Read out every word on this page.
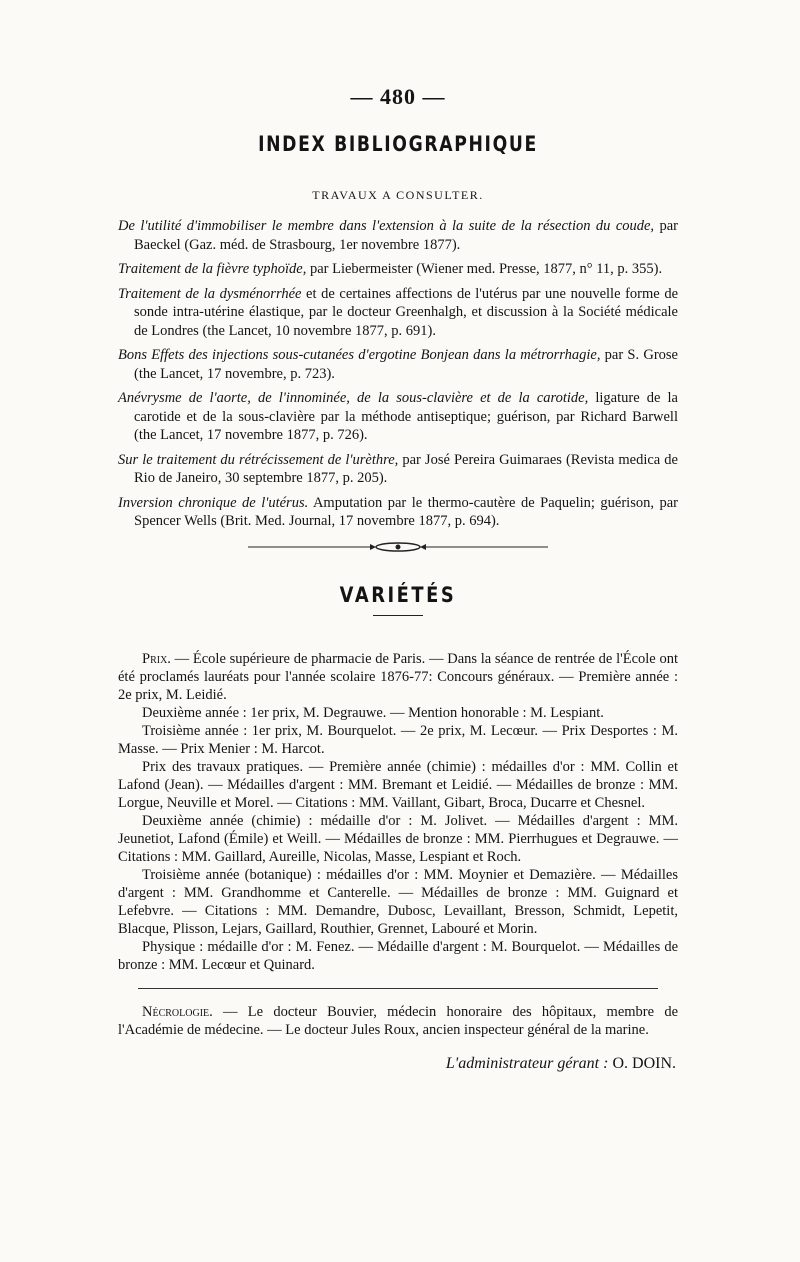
— 480 —
INDEX BIBLIOGRAPHIQUE
TRAVAUX A CONSULTER.

De l'utilité d'immobiliser le membre dans l'extension à la suite de la résection du coude, par Baeckel (Gaz. méd. de Strasbourg, 1er novembre 1877).

Traitement de la fièvre typhoïde, par Liebermeister (Wiener med. Presse, 1877, n° 11, p. 355).

Traitement de la dysménorrhée et de certaines affections de l'utérus par une nouvelle forme de sonde intra-utérine élastique, par le docteur Greenhalgh, et discussion à la Société médicale de Londres (the Lancet, 10 novembre 1877, p. 691).

Bons Effets des injections sous-cutanées d'ergotine Bonjean dans la métrorrhagie, par S. Grose (the Lancet, 17 novembre, p. 723).

Anévrysme de l'aorte, de l'innominée, de la sous-clavière et de la carotide, ligature de la carotide et de la sous-clavière par la méthode antiseptique; guérison, par Richard Barwell (the Lancet, 17 novembre 1877, p. 726).

Sur le traitement du rétrécissement de l'urèthre, par José Pereira Guimaraes (Revista medica de Rio de Janeiro, 30 septembre 1877, p. 205).

Inversion chronique de l'utérus. Amputation par le thermo-cautère de Paquelin; guérison, par Spencer Wells (Brit. Med. Journal, 17 novembre 1877, p. 694).

VARIÉTÉS

Prix. — École supérieure de pharmacie de Paris. — Dans la séance de rentrée de l'École ont été proclamés lauréats pour l'année scolaire 1876-77: Concours généraux. — Première année : 2e prix, M. Leidié.

Deuxième année : 1er prix, M. Degrauwe. — Mention honorable : M. Lespiant.

Troisième année : 1er prix, M. Bourquelot. — 2e prix, M. Lecœur. — Prix Desportes : M. Masse. — Prix Menier : M. Harcot.

Prix des travaux pratiques. — Première année (chimie) : médailles d'or : MM. Collin et Lafond (Jean). — Médailles d'argent : MM. Bremant et Leidié. — Médailles de bronze : MM. Lorgue, Neuville et Morel. — Citations : MM. Vaillant, Gibart, Broca, Ducarre et Chesnel.

Deuxième année (chimie) : médaille d'or : M. Jolivet. — Médailles d'argent : MM. Jeunetiot, Lafond (Émile) et Weill. — Médailles de bronze : MM. Pierrhugues et Degrauwe. — Citations : MM. Gaillard, Aureille, Nicolas, Masse, Lespiant et Roch.

Troisième année (botanique) : médailles d'or : MM. Moynier et Demazière. — Médailles d'argent : MM. Grandhomme et Canterelle. — Médailles de bronze : MM. Guignard et Lefebvre. — Citations : MM. Demandre, Dubosc, Levaillant, Bresson, Schmidt, Lepetit, Blacque, Plisson, Lejars, Gaillard, Routhier, Grennet, Labouré et Morin.

Physique : médaille d'or : M. Fenez. — Médaille d'argent : M. Bourquelot. — Médailles de bronze : MM. Lecœur et Quinard.

Nécrologie. — Le docteur Bouvier, médecin honoraire des hôpitaux, membre de l'Académie de médecine. — Le docteur Jules Roux, ancien inspecteur général de la marine.

L'administrateur gérant : O. DOIN.
